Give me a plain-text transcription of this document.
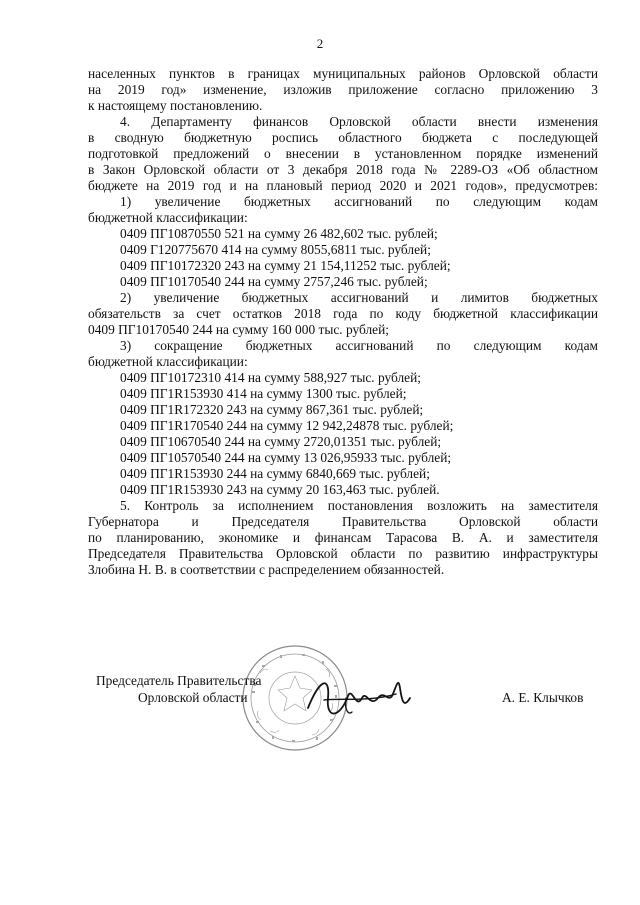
2

населенных пунктов в границах муниципальных районов Орловской области

на 2019 год» изменение, изложив приложение согласно приложению 3

к настоящему постановлению.

4. Департаменту финансов Орловской области внести изменения

в сводную бюджетную роспись областного бюджета с последующей

подготовкой предложений о внесении в установленном порядке изменений

в Закон Орловской области от 3 декабря 2018 года № 2289-ОЗ «Об областном

бюджете на 2019 год и на плановый период 2020 и 2021 годов», предусмотрев:

1) увеличение бюджетных ассигнований по следующим кодам

бюджетной классификации:

0409 ПГ10870550 521 на сумму 26 482,602 тыс. рублей;

0409 Г120775670 414 на сумму 8055,6811 тыс. рублей;

0409 ПГ10172320 243 на сумму 21 154,11252 тыс. рублей;

0409 ПГ10170540 244 на сумму 2757,246 тыс. рублей;

2) увеличение бюджетных ассигнований и лимитов бюджетных

обязательств за счет остатков 2018 года по коду бюджетной классификации

0409 ПГ10170540 244 на сумму 160 000 тыс. рублей;

3) сокращение бюджетных ассигнований по следующим кодам

бюджетной классификации:

0409 ПГ10172310 414 на сумму 588,927 тыс. рублей;

0409 ПГ1R153930 414 на сумму 1300 тыс. рублей;

0409 ПГ1R172320 243 на сумму 867,361 тыс. рублей;

0409 ПГ1R170540 244 на сумму 12 942,24878 тыс. рублей;

0409 ПГ10670540 244 на сумму 2720,01351 тыс. рублей;

0409 ПГ10570540 244 на сумму 13 026,95933 тыс. рублей;

0409 ПГ1R153930 244 на сумму 6840,669 тыс. рублей;

0409 ПГ1R153930 243 на сумму 20 163,463 тыс. рублей.

5. Контроль за исполнением постановления возложить на заместителя

Губернатора и Председателя Правительства Орловской области

по планированию, экономике и финансам Тарасова В. А. и заместителя

Председателя Правительства Орловской области по развитию инфраструктуры

Злобина Н. В. в соответствии с распределением обязанностей.

Председатель Правительства
Орловской области	А. Е. Клычков
